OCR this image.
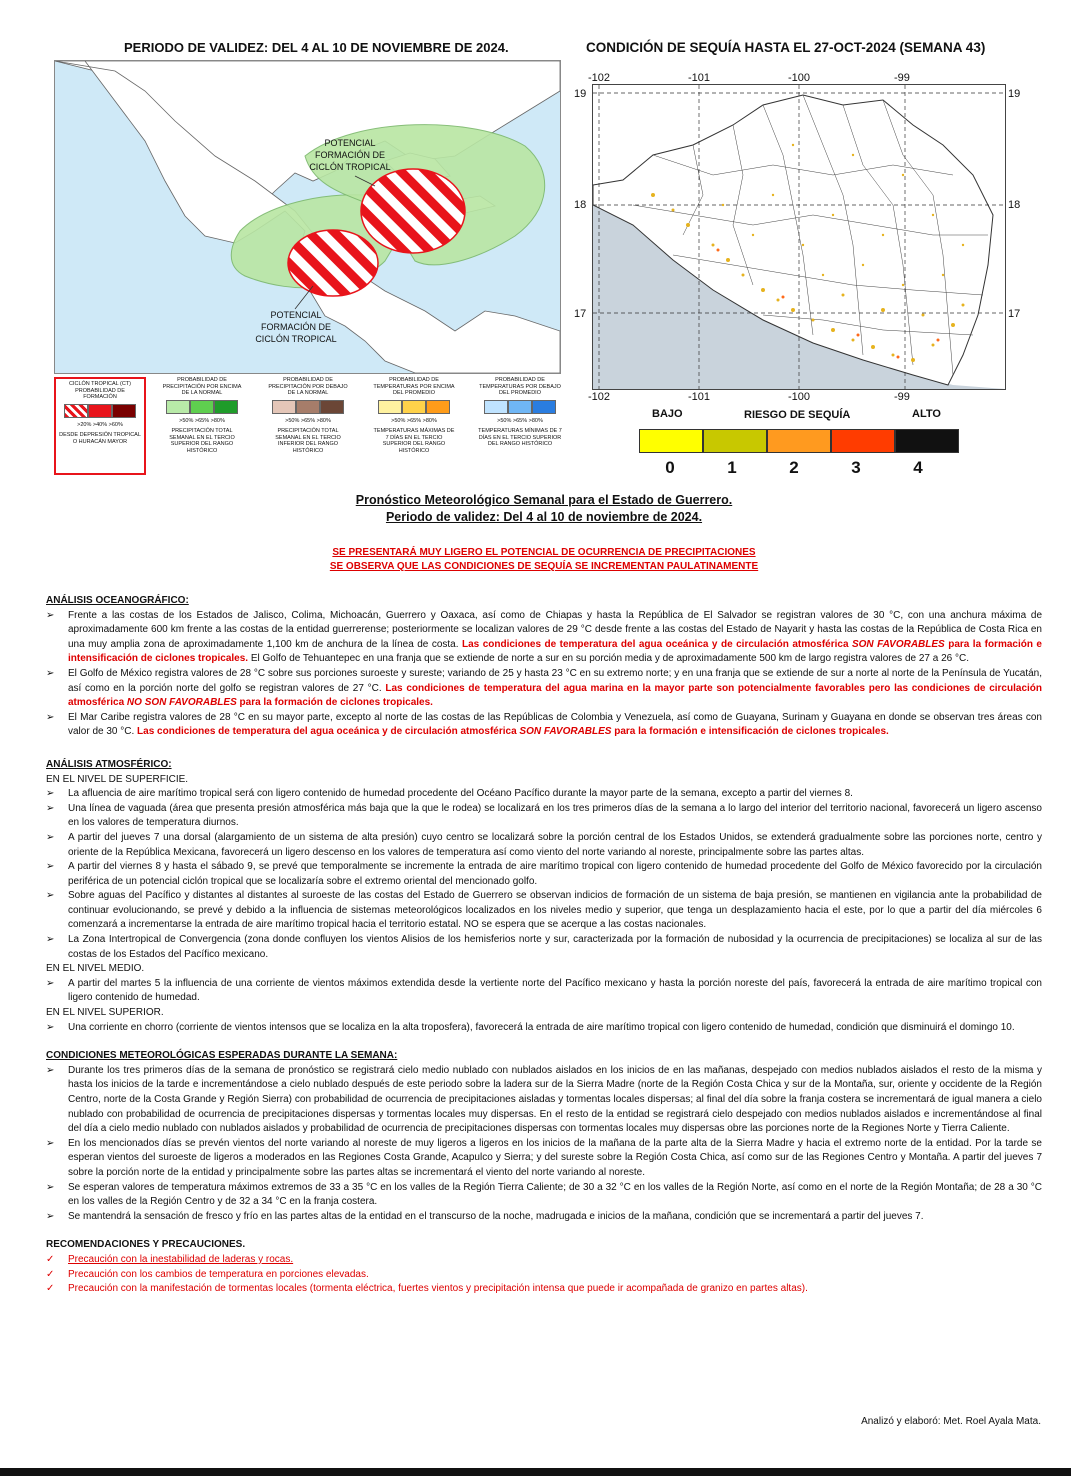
PERIODO DE VALIDEZ: DEL 4 AL 10 DE NOVIEMBRE DE 2024.
POTENCIAL FORMACIÓN DE CICLÓN TROPICAL
POTENCIAL FORMACIÓN DE CICLÓN TROPICAL
CICLÓN TROPICAL (CT) PROBABILIDAD DE FORMACIÓN
>20% >40% >60%
DESDE DEPRESIÓN TROPICAL O HURACÁN MAYOR
PROBABILIDAD DE PRECIPITACIÓN POR ENCIMA DE LA NORMAL
>50% >65% >80%
PRECIPITACIÓN TOTAL SEMANAL EN EL TERCIO SUPERIOR DEL RANGO HISTÓRICO
PROBABILIDAD DE PRECIPITACIÓN POR DEBAJO DE LA NORMAL
>50% >65% >80%
PRECIPITACIÓN TOTAL SEMANAL EN EL TERCIO INFERIOR DEL RANGO HISTÓRICO
PROBABILIDAD DE TEMPERATURAS POR ENCIMA DEL PROMEDIO
>50% >65% >80%
TEMPERATURAS MÁXIMAS DE 7 DÍAS EN EL TERCIO SUPERIOR DEL RANGO HISTÓRICO
PROBABILIDAD DE TEMPERATURAS POR DEBAJO DEL PROMEDIO
>50% >65% >80%
TEMPERATURAS MÍNIMAS DE 7 DÍAS EN EL TERCIO SUPERIOR DEL RANGO HISTÓRICO
CONDICIÓN DE SEQUÍA HASTA EL 27-OCT-2024 (SEMANA 43)
-102	-101	-100	-99
19
18
17
19
18
17
-102	-101	-100	-99
BAJO	RIESGO DE SEQUÍA	ALTO
0	1	2	3	4
Pronóstico Meteorológico Semanal para el Estado de Guerrero.
Periodo de validez: Del 4 al 10 de noviembre de 2024.
SE PRESENTARÁ MUY LIGERO EL POTENCIAL DE OCURRENCIA DE PRECIPITACIONES
SE OBSERVA QUE LAS CONDICIONES DE SEQUÍA SE INCREMENTAN PAULATINAMENTE
ANÁLISIS OCEANOGRÁFICO:
➢ Frente a las costas de los Estados de Jalisco, Colima, Michoacán, Guerrero y Oaxaca, así como de Chiapas y hasta la República de El Salvador se registran valores de 30 °C, con una anchura máxima de aproximadamente 600 km frente a las costas de la entidad guerrerense; posteriormente se localizan valores de 29 °C desde frente a las costas del Estado de Nayarit y hasta las costas de la República de Costa Rica en una muy amplia zona de aproximadamente 1,100 km de anchura de la línea de costa. Las condiciones de temperatura del agua oceánica y de circulación atmosférica SON FAVORABLES para la formación e intensificación de ciclones tropicales. El Golfo de Tehuantepec en una franja que se extiende de norte a sur en su porción media y de aproximadamente 500 km de largo registra valores de 27 a 26 °C.
➢ El Golfo de México registra valores de 28 °C sobre sus porciones suroeste y sureste; variando de 25 y hasta 23 °C en su extremo norte; y en una franja que se extiende de sur a norte al norte de la Península de Yucatán, así como en la porción norte del golfo se registran valores de 27 °C. Las condiciones de temperatura del agua marina en la mayor parte son potencialmente favorables pero las condiciones de circulación atmosférica NO SON FAVORABLES para la formación de ciclones tropicales.
➢ El Mar Caribe registra valores de 28 °C en su mayor parte, excepto al norte de las costas de las Repúblicas de Colombia y Venezuela, así como de Guayana, Surinam y Guayana en donde se observan tres áreas con valor de 30 °C. Las condiciones de temperatura del agua oceánica y de circulación atmosférica SON FAVORABLES para la formación e intensificación de ciclones tropicales.
ANÁLISIS ATMOSFÉRICO:
EN EL NIVEL DE SUPERFICIE.
➢ La afluencia de aire marítimo tropical será con ligero contenido de humedad procedente del Océano Pacífico durante la mayor parte de la semana, excepto a partir del viernes 8.
➢ Una línea de vaguada (área que presenta presión atmosférica más baja que la que le rodea) se localizará en los tres primeros días de la semana a lo largo del interior del territorio nacional, favorecerá un ligero ascenso en los valores de temperatura diurnos.
➢ A partir del jueves 7 una dorsal (alargamiento de un sistema de alta presión) cuyo centro se localizará sobre la porción central de los Estados Unidos, se extenderá gradualmente sobre las porciones norte, centro y oriente de la República Mexicana, favorecerá un ligero descenso en los valores de temperatura así como viento del norte variando al noreste, principalmente sobre las partes altas.
➢ A partir del viernes 8 y hasta el sábado 9, se prevé que temporalmente se incremente la entrada de aire marítimo tropical con ligero contenido de humedad procedente del Golfo de México favorecido por la circulación periférica de un potencial ciclón tropical que se localizaría sobre el extremo oriental del mencionado golfo.
➢ Sobre aguas del Pacífico y distantes al distantes al suroeste de las costas del Estado de Guerrero se observan indicios de formación de un sistema de baja presión, se mantienen en vigilancia ante la probabilidad de continuar evolucionando, se prevé y debido a la influencia de sistemas meteorológicos localizados en los niveles medio y superior, que tenga un desplazamiento hacia el este, por lo que a partir del día miércoles 6 comenzará a incrementarse la entrada de aire marítimo tropical hacia el territorio estatal. NO se espera que se acerque a las costas nacionales.
➢ La Zona Intertropical de Convergencia (zona donde confluyen los vientos Alisios de los hemisferios norte y sur, caracterizada por la formación de nubosidad y la ocurrencia de precipitaciones) se localiza al sur de las costas de los Estados del Pacífico mexicano.
EN EL NIVEL MEDIO.
➢ A partir del martes 5 la influencia de una corriente de vientos máximos extendida desde la vertiente norte del Pacífico mexicano y hasta la porción noreste del país, favorecerá la entrada de aire marítimo tropical con ligero contenido de humedad.
EN EL NIVEL SUPERIOR.
➢ Una corriente en chorro (corriente de vientos intensos que se localiza en la alta troposfera), favorecerá la entrada de aire marítimo tropical con ligero contenido de humedad, condición que disminuirá el domingo 10.
CONDICIONES METEOROLÓGICAS ESPERADAS DURANTE LA SEMANA:
➢ Durante los tres primeros días de la semana de pronóstico se registrará cielo medio nublado con nublados aislados en los inicios de en las mañanas, despejado con medios nublados aislados el resto de la misma y hasta los inicios de la tarde e incrementándose a cielo nublado después de este periodo sobre la ladera sur de la Sierra Madre (norte de la Región Costa Chica y sur de la Montaña, sur, oriente y occidente de la Región Centro, norte de la Costa Grande y Región Sierra) con probabilidad de ocurrencia de precipitaciones aisladas y tormentas locales dispersas; al final del día sobre la franja costera se incrementará de igual manera a cielo nublado con probabilidad de ocurrencia de precipitaciones dispersas y tormentas locales muy dispersas. En el resto de la entidad se registrará cielo despejado con medios nublados aislados e incrementándose al final del día a cielo medio nublado con nublados aislados y probabilidad de ocurrencia de precipitaciones dispersas con tormentas locales muy dispersas obre las porciones norte de la Regiones Norte y Tierra Caliente.
➢ En los mencionados días se prevén vientos del norte variando al noreste de muy ligeros a ligeros en los inicios de la mañana de la parte alta de la Sierra Madre y hacia el extremo norte de la entidad. Por la tarde se esperan vientos del suroeste de ligeros a moderados en las Regiones Costa Grande, Acapulco y Sierra; y del sureste sobre la Región Costa Chica, así como sur de las Regiones Centro y Montaña. A partir del jueves 7 sobre la porción norte de la entidad y principalmente sobre las partes altas se incrementará el viento del norte variando al noreste.
➢ Se esperan valores de temperatura máximos extremos de 33 a 35 °C en los valles de la Región Tierra Caliente; de 30 a 32 °C en los valles de la Región Norte, así como en el norte de la Región Montaña; de 28 a 30 °C en los valles de la Región Centro y de 32 a 34 °C en la franja costera.
➢ Se mantendrá la sensación de fresco y frío en las partes altas de la entidad en el transcurso de la noche, madrugada e inicios de la mañana, condición que se incrementará a partir del jueves 7.
RECOMENDACIONES Y PRECAUCIONES.
✓ Precaución con la inestabilidad de laderas y rocas.
✓ Precaución con los cambios de temperatura en porciones elevadas.
✓ Precaución con la manifestación de tormentas locales (tormenta eléctrica, fuertes vientos y precipitación intensa que puede ir acompañada de granizo en partes altas).
Analizó y elaboró: Met. Roel Ayala Mata.
